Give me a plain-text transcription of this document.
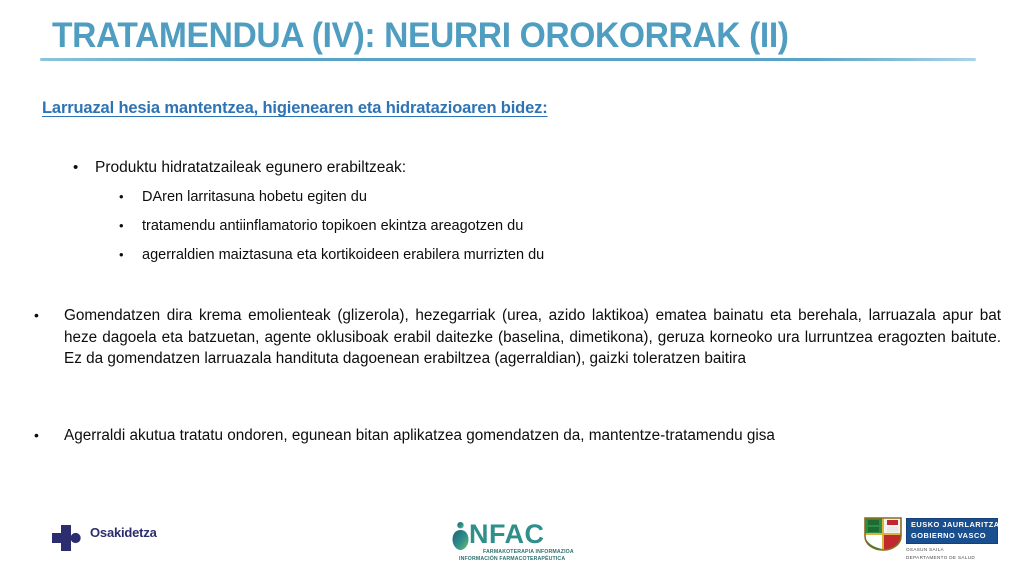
TRATAMENDUA (IV): NEURRI OROKORRAK (II)
Larruazal hesia mantentzea, higienearen eta hidratazioaren bidez:
•	Produktu hidratatzaileak egunero erabiltzeak:
•	DAren larritasuna hobetu egiten du
•	tratamendu antiinflamatorio topikoen ekintza areagotzen du
•	agerraldien maiztasuna eta kortikoideen erabilera murrizten du
•	Gomendatzen dira krema emolienteak (glizerola), hezegarriak (urea, azido laktikoa) ematea bainatu eta berehala, larruazala apur bat heze dagoela eta batzuetan, agente oklusiboak erabil daitezke (baselina, dimetikona), geruza korneoko ura lurruntzea eragozten baitute. Ez da gomendatzen larruazala handituta dagoenean erabiltzea (agerraldian), gaizki toleratzen baitira
•	Agerraldi akutua tratatu ondoren, egunean bitan aplikatzea gomendatzen da, mantentze-tratamendu gisa
Osakidetza	NFAC
FARMAKOTERAPIA INFORMAZIOA
INFORMACIÓN FARMACOTERAPÉUTICA
EUSKO JAURLARITZA
GOBIERNO VASCO
OSASUN SAILA
DEPARTAMENTO DE SALUD
